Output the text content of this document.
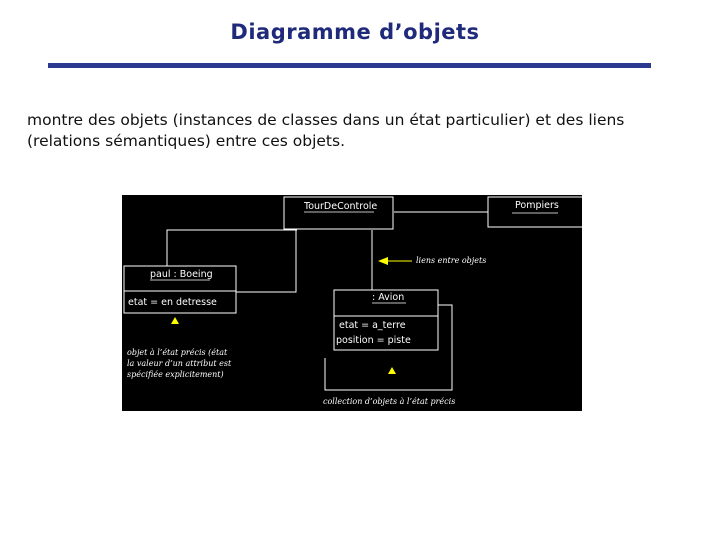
Diagramme d’objets
montre des objets (instances de classes dans un état particulier) et des liens (relations sémantiques) entre ces objets.
TourDeControle	Pompiers
paul : Boeing
etat = en detresse	: Avion
etat = a_terre
position = piste
liens entre objets
objet à l’état précis (état
la valeur d’un attribut est
spécifiée explicitement)
collection d’objets à l’état précis
